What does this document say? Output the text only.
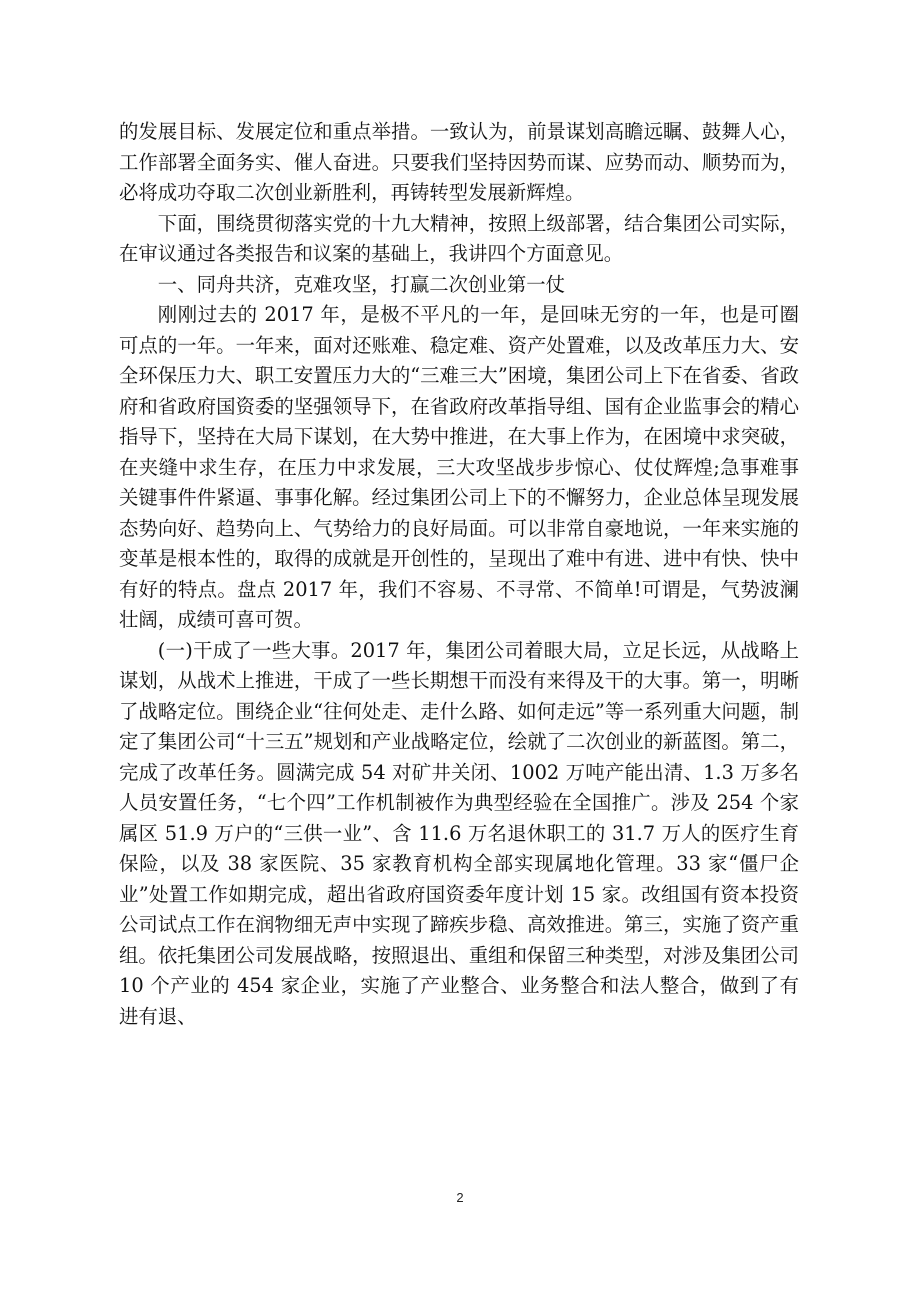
的发展目标、发展定位和重点举措。一致认为，前景谋划高瞻远瞩、鼓舞人心，工作部署全面务实、催人奋进。只要我们坚持因势而谋、应势而动、顺势而为，必将成功夺取二次创业新胜利，再铸转型发展新辉煌。

下面，围绕贯彻落实党的十九大精神，按照上级部署，结合集团公司实际，在审议通过各类报告和议案的基础上，我讲四个方面意见。

一、同舟共济，克难攻坚，打赢二次创业第一仗

刚刚过去的 2017 年，是极不平凡的一年，是回味无穷的一年，也是可圈可点的一年。一年来，面对还账难、稳定难、资产处置难，以及改革压力大、安全环保压力大、职工安置压力大的“三难三大”困境，集团公司上下在省委、省政府和省政府国资委的坚强领导下，在省政府改革指导组、国有企业监事会的精心指导下，坚持在大局下谋划，在大势中推进，在大事上作为，在困境中求突破，在夹缝中求生存，在压力中求发展，三大攻坚战步步惊心、仗仗辉煌;急事难事关键事件件紧逼、事事化解。经过集团公司上下的不懈努力，企业总体呈现发展态势向好、趋势向上、气势给力的良好局面。可以非常自豪地说，一年来实施的变革是根本性的，取得的成就是开创性的，呈现出了难中有进、进中有快、快中有好的特点。盘点 2017 年，我们不容易、不寻常、不简单!可谓是，气势波澜壮阔，成绩可喜可贺。

(一)干成了一些大事。2017 年，集团公司着眼大局，立足长远，从战略上谋划，从战术上推进，干成了一些长期想干而没有来得及干的大事。第一，明晰了战略定位。围绕企业“往何处走、走什么路、如何走远”等一系列重大问题，制定了集团公司“十三五”规划和产业战略定位，绘就了二次创业的新蓝图。第二，完成了改革任务。圆满完成 54 对矿井关闭、1002 万吨产能出清、1.3 万多名人员安置任务，“七个四”工作机制被作为典型经验在全国推广。涉及 254 个家属区 51.9 万户的“三供一业”、含 11.6 万名退休职工的 31.7 万人的医疗生育保险，以及 38 家医院、35 家教育机构全部实现属地化管理。33 家“僵尸企业”处置工作如期完成，超出省政府国资委年度计划 15 家。改组国有资本投资公司试点工作在润物细无声中实现了蹄疾步稳、高效推进。第三，实施了资产重组。依托集团公司发展战略，按照退出、重组和保留三种类型，对涉及集团公司 10 个产业的 454 家企业，实施了产业整合、业务整合和法人整合，做到了有进有退、

2
